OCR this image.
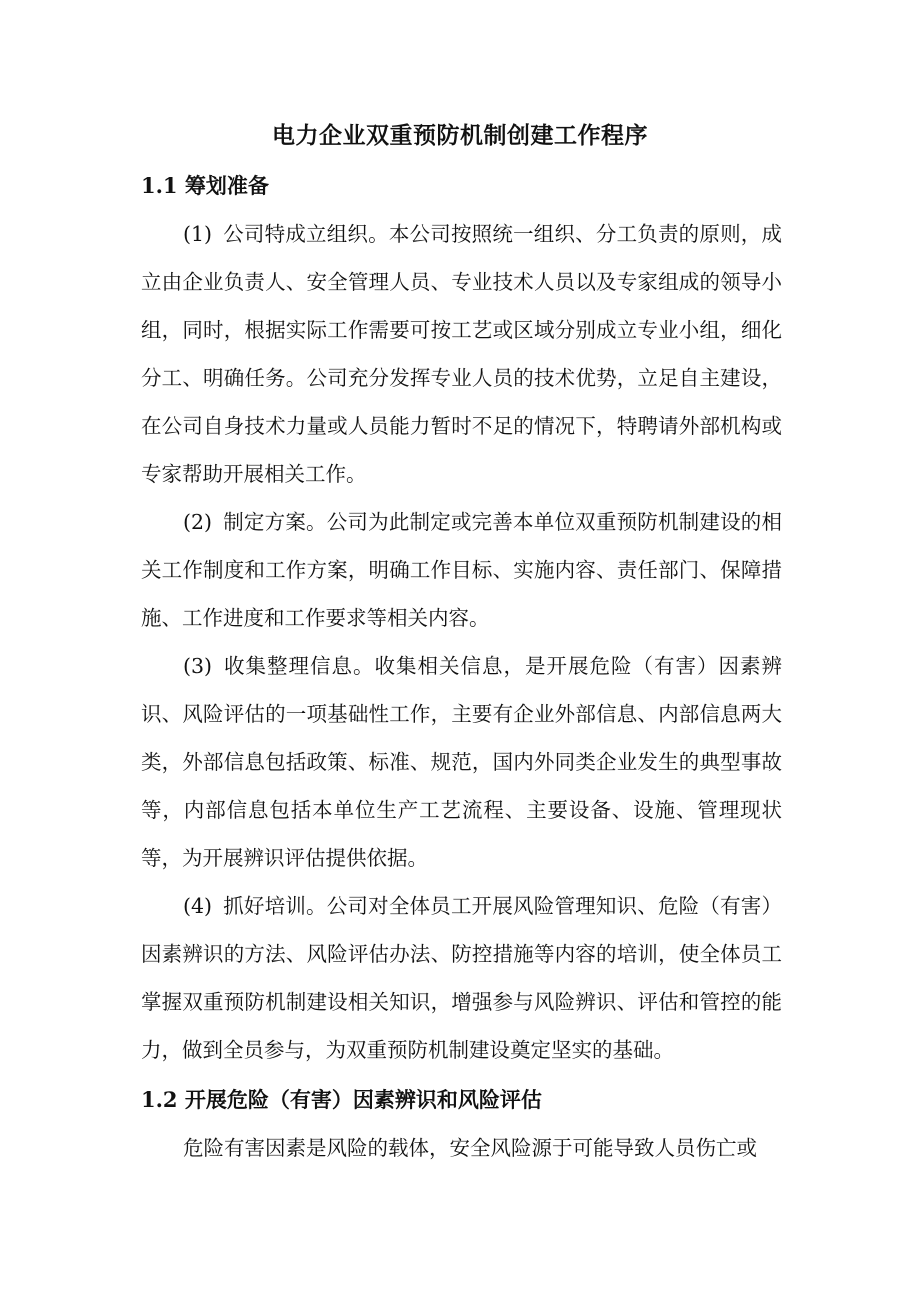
电力企业双重预防机制创建工作程序
1.1 筹划准备
(1) 公司特成立组织。本公司按照统一组织、分工负责的原则，成立由企业负责人、安全管理人员、专业技术人员以及专家组成的领导小组，同时，根据实际工作需要可按工艺或区域分别成立专业小组，细化分工、明确任务。公司充分发挥专业人员的技术优势，立足自主建设，在公司自身技术力量或人员能力暂时不足的情况下，特聘请外部机构或专家帮助开展相关工作。
(2) 制定方案。公司为此制定或完善本单位双重预防机制建设的相关工作制度和工作方案，明确工作目标、实施内容、责任部门、保障措施、工作进度和工作要求等相关内容。
(3) 收集整理信息。收集相关信息，是开展危险（有害）因素辨识、风险评估的一项基础性工作，主要有企业外部信息、内部信息两大类，外部信息包括政策、标准、规范，国内外同类企业发生的典型事故等，内部信息包括本单位生产工艺流程、主要设备、设施、管理现状等，为开展辨识评估提供依据。
(4) 抓好培训。公司对全体员工开展风险管理知识、危险（有害）因素辨识的方法、风险评估办法、防控措施等内容的培训，使全体员工掌握双重预防机制建设相关知识，增强参与风险辨识、评估和管控的能力，做到全员参与，为双重预防机制建设奠定坚实的基础。
1.2 开展危险（有害）因素辨识和风险评估
危险有害因素是风险的载体，安全风险源于可能导致人员伤亡或
